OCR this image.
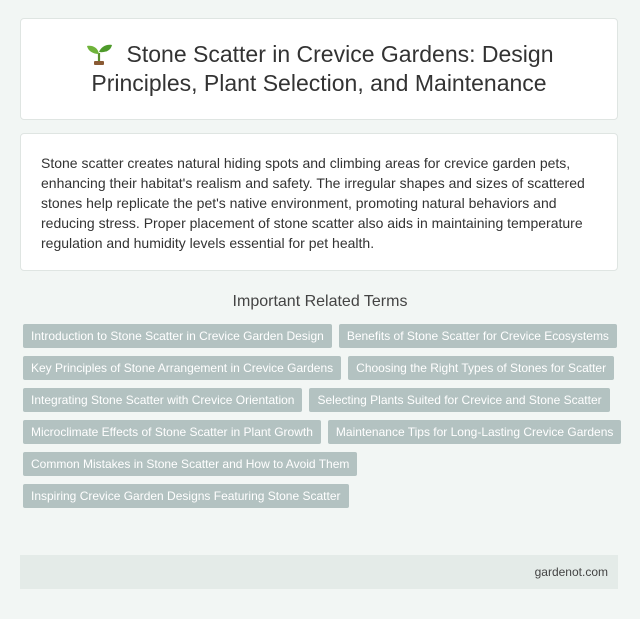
Stone Scatter in Crevice Gardens: Design Principles, Plant Selection, and Maintenance

Stone scatter creates natural hiding spots and climbing areas for crevice garden pets, enhancing their habitat's realism and safety. The irregular shapes and sizes of scattered stones help replicate the pet's native environment, promoting natural behaviors and reducing stress. Proper placement of stone scatter also aids in maintaining temperature regulation and humidity levels essential for pet health.

Important Related Terms
Introduction to Stone Scatter in Crevice Garden Design	Benefits of Stone Scatter for Crevice Ecosystems
Key Principles of Stone Arrangement in Crevice Gardens	Choosing the Right Types of Stones for Scatter
Integrating Stone Scatter with Crevice Orientation	Selecting Plants Suited for Crevice and Stone Scatter
Microclimate Effects of Stone Scatter in Plant Growth	Maintenance Tips for Long-Lasting Crevice Gardens
Common Mistakes in Stone Scatter and How to Avoid Them
Inspiring Crevice Garden Designs Featuring Stone Scatter
gardenot.com
